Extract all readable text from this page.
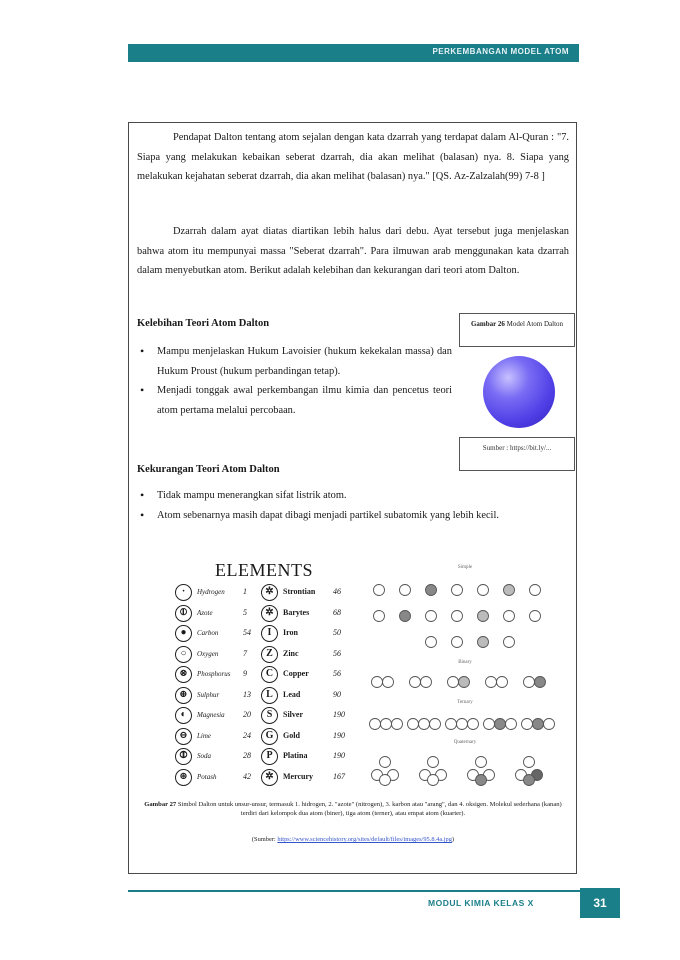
PERKEMBANGAN MODEL ATOM
Pendapat Dalton tentang atom sejalan dengan kata dzarrah yang terdapat dalam Al-Quran : "7. Siapa yang melakukan kebaikan seberat dzarrah, dia akan melihat (balasan) nya. 8. Siapa yang melakukan kejahatan seberat dzarrah, dia akan melihat (balasan) nya." [QS. Az-Zalzalah(99) 7-8 ]
Dzarrah dalam ayat diatas diartikan lebih halus dari debu. Ayat tersebut juga menjelaskan bahwa atom itu mempunyai massa "Seberat dzarrah". Para ilmuwan arab menggunakan kata dzarrah dalam menyebutkan atom. Berikut adalah kelebihan dan kekurangan dari teori atom Dalton.
Kelebihan Teori Atom Dalton
• Mampu menjelaskan Hukum Lavoisier (hukum kekekalan massa) dan Hukum Proust (hukum perbandingan tetap).
• Menjadi tonggak awal perkembangan ilmu kimia dan pencetus teori atom pertama melalui percobaan.
Gambar 26 Model Atom Dalton
Sumber : https://bit.ly/...
Kekurangan Teori Atom Dalton
• Tidak mampu menerangkan sifat listrik atom.
• Atom sebenarnya masih dapat dibagi menjadi partikel subatomik yang lebih kecil.
ELEMENTS
·	Hydrogen 1	✲	Strontian 46
⦶	Azote	5	✲	Barytes	68
●	Carbon	54	I	Iron	50
○	Oxygen	7	Z	Zinc	56
⊗	Phosphorus 9	C	Copper	56
⊕	Sulphur	13	L	Lead	90
◐	Magnesia 20	S	Silver	190
⊖	Lime	24	G	Gold	190
⦷	Soda	28	P	Platina	190
⊛	Potash	42	✲	Mercury 167
Simple
Binary
Ternary
Quaternary
Gambar 27 Simbol Dalton untuk unsur-unsur, termasuk 1. hidrogen, 2. "azote" (nitrogen), 3. karbon atau "arang", dan 4. oksigen. Molekul sederhana (kanan) terdiri dari kelompok dua atom (biner), tiga atom (terner), atau empat atom (kuarter).
(Sumber: https://www.sciencehistory.org/sites/default/files/images/95.8.4a.jpg)
MODUL KIMIA KELAS X	31
